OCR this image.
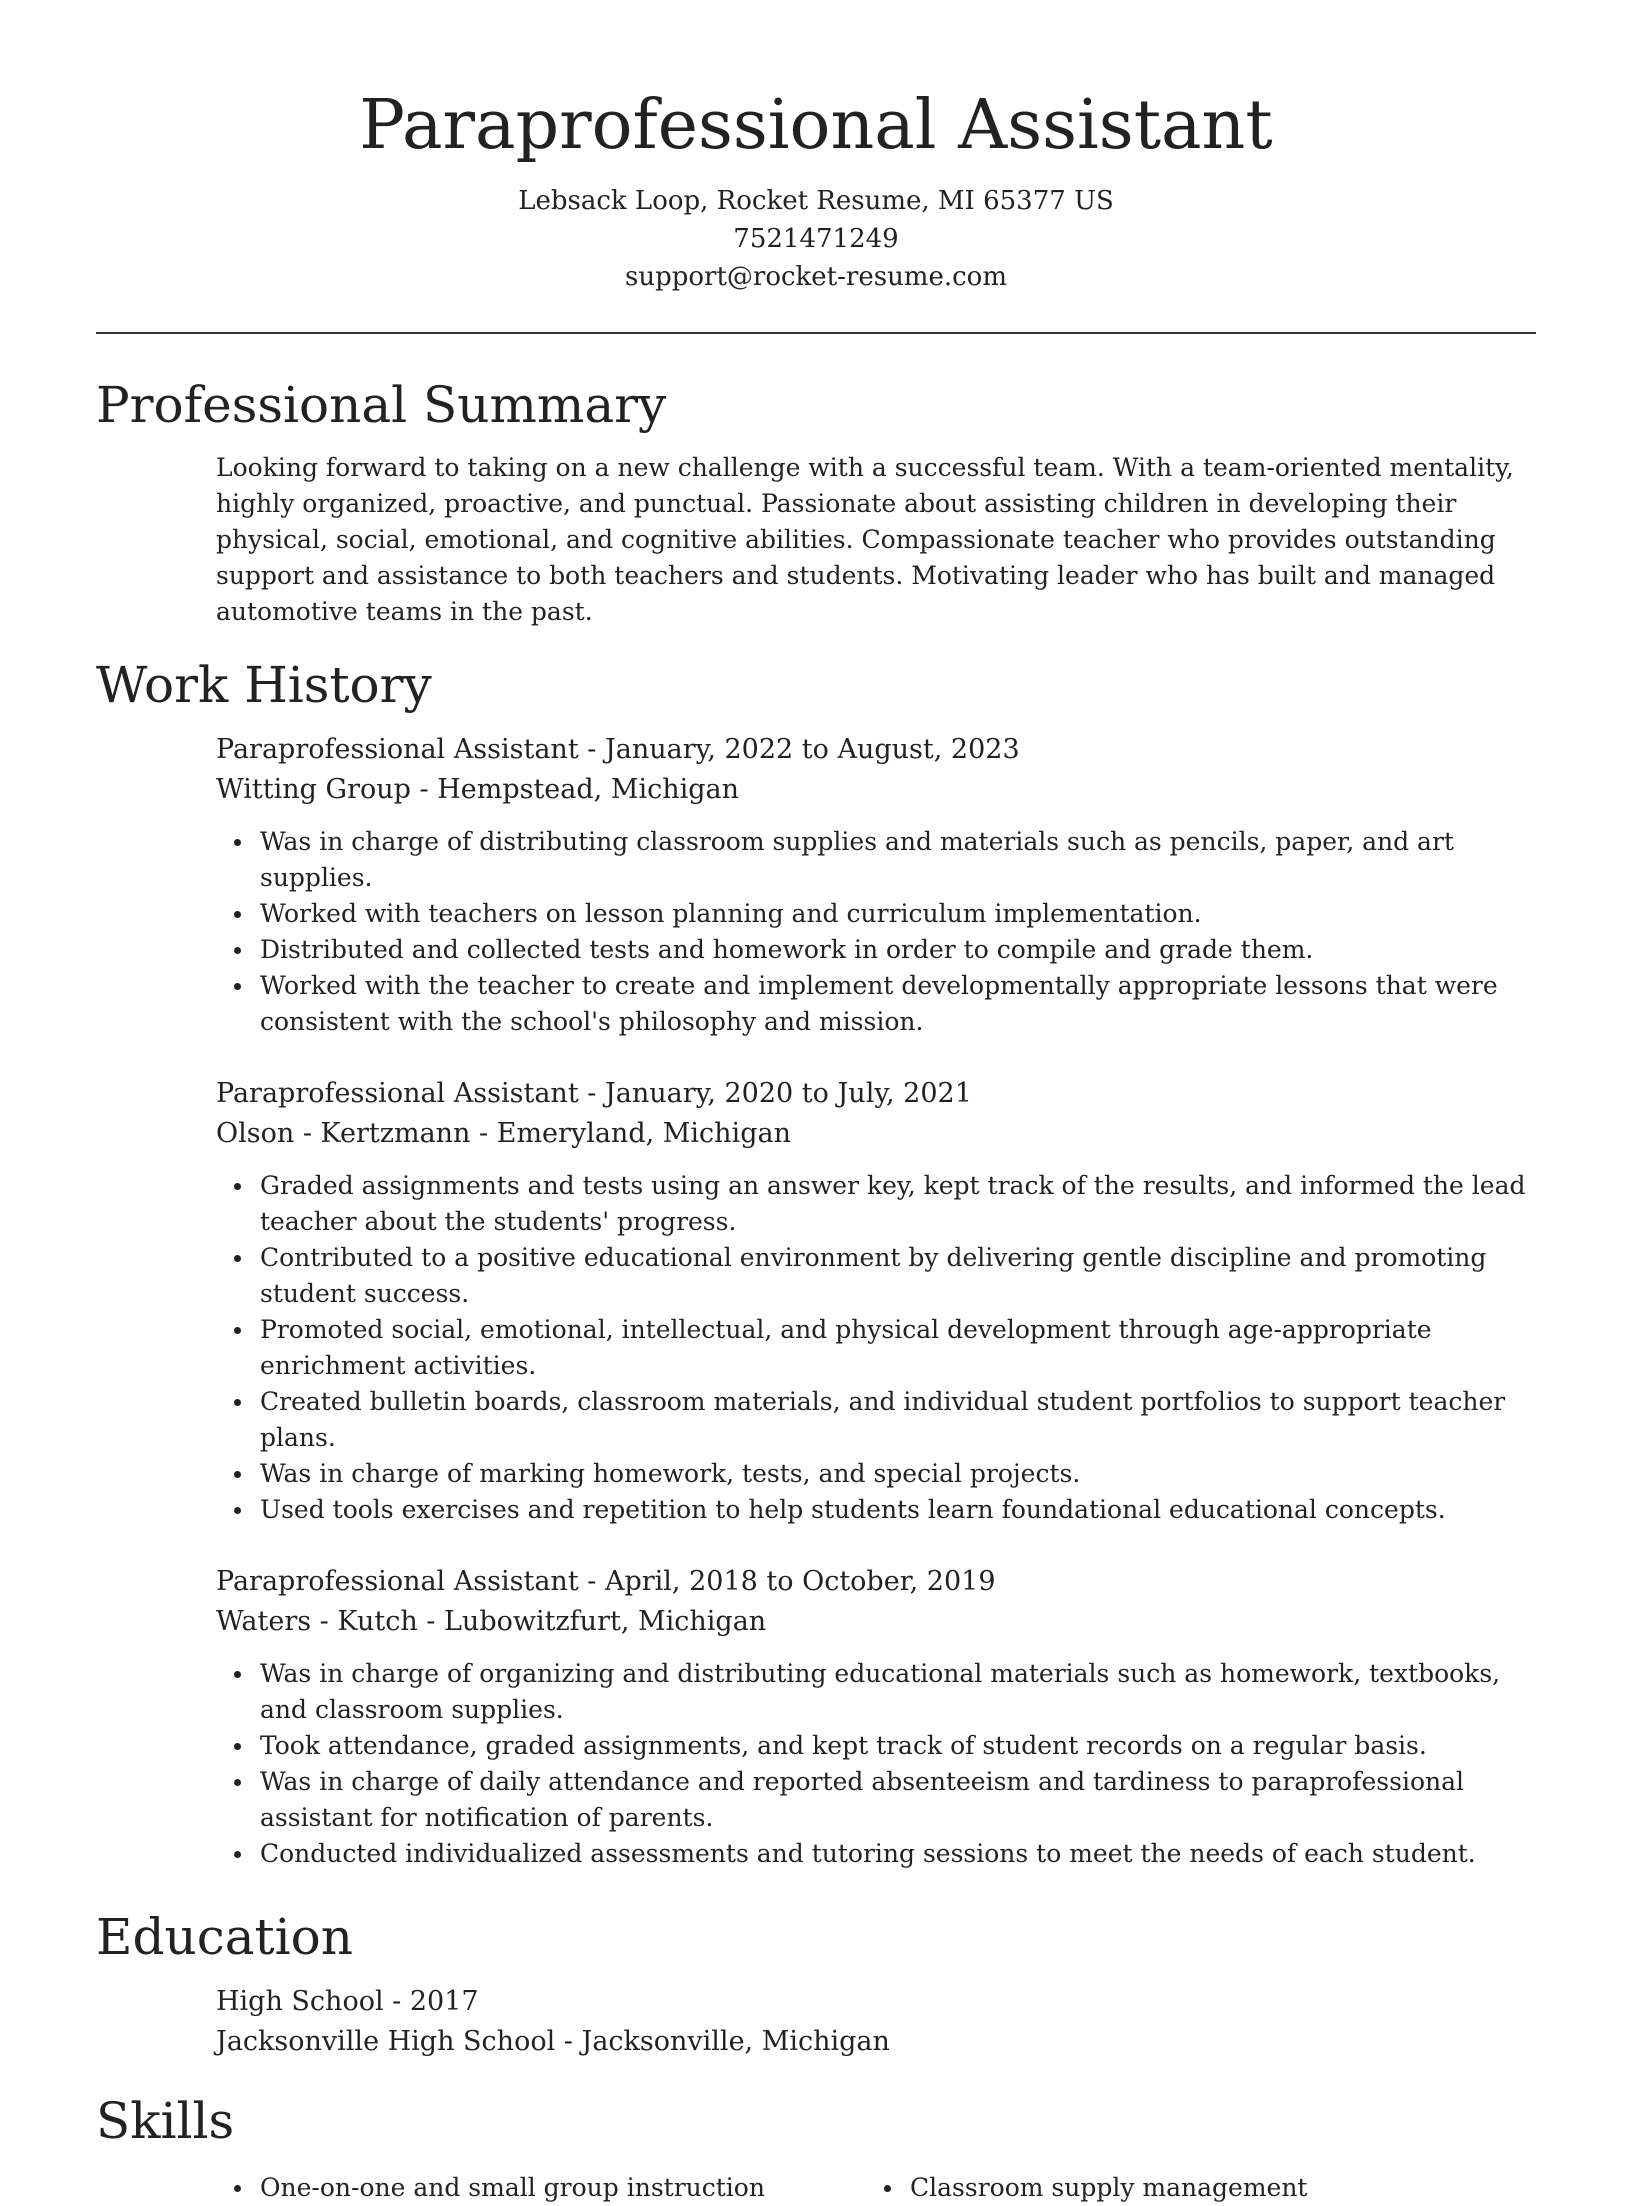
Paraprofessional Assistant

Lebsack Loop, Rocket Resume, MI 65377 US

7521471249

support@rocket-resume.com

Professional Summary

Looking forward to taking on a new challenge with a successful team. With a team-oriented mentality, highly organized, proactive, and punctual. Passionate about assisting children in developing their physical, social, emotional, and cognitive abilities. Compassionate teacher who provides outstanding support and assistance to both teachers and students. Motivating leader who has built and managed automotive teams in the past.

Work History

Paraprofessional Assistant - January, 2022 to August, 2023

Witting Group - Hempstead, Michigan

Was in charge of distributing classroom supplies and materials such as pencils, paper, and art supplies.
Worked with teachers on lesson planning and curriculum implementation.
Distributed and collected tests and homework in order to compile and grade them.
Worked with the teacher to create and implement developmentally appropriate lessons that were consistent with the school's philosophy and mission.

Paraprofessional Assistant - January, 2020 to July, 2021

Olson - Kertzmann - Emeryland, Michigan

Graded assignments and tests using an answer key, kept track of the results, and informed the lead teacher about the students' progress.
Contributed to a positive educational environment by delivering gentle discipline and promoting student success.
Promoted social, emotional, intellectual, and physical development through age-appropriate enrichment activities.
Created bulletin boards, classroom materials, and individual student portfolios to support teacher plans.
Was in charge of marking homework, tests, and special projects.
Used tools exercises and repetition to help students learn foundational educational concepts.

Paraprofessional Assistant - April, 2018 to October, 2019

Waters - Kutch - Lubowitzfurt, Michigan

Was in charge of organizing and distributing educational materials such as homework, textbooks, and classroom supplies.
Took attendance, graded assignments, and kept track of student records on a regular basis.
Was in charge of daily attendance and reported absenteeism and tardiness to paraprofessional assistant for notification of parents.
Conducted individualized assessments and tutoring sessions to meet the needs of each student.
Education

High School - 2017

Jacksonville High School - Jacksonville, Michigan

Skills
One-on-one and small group instruction	Classroom supply management
